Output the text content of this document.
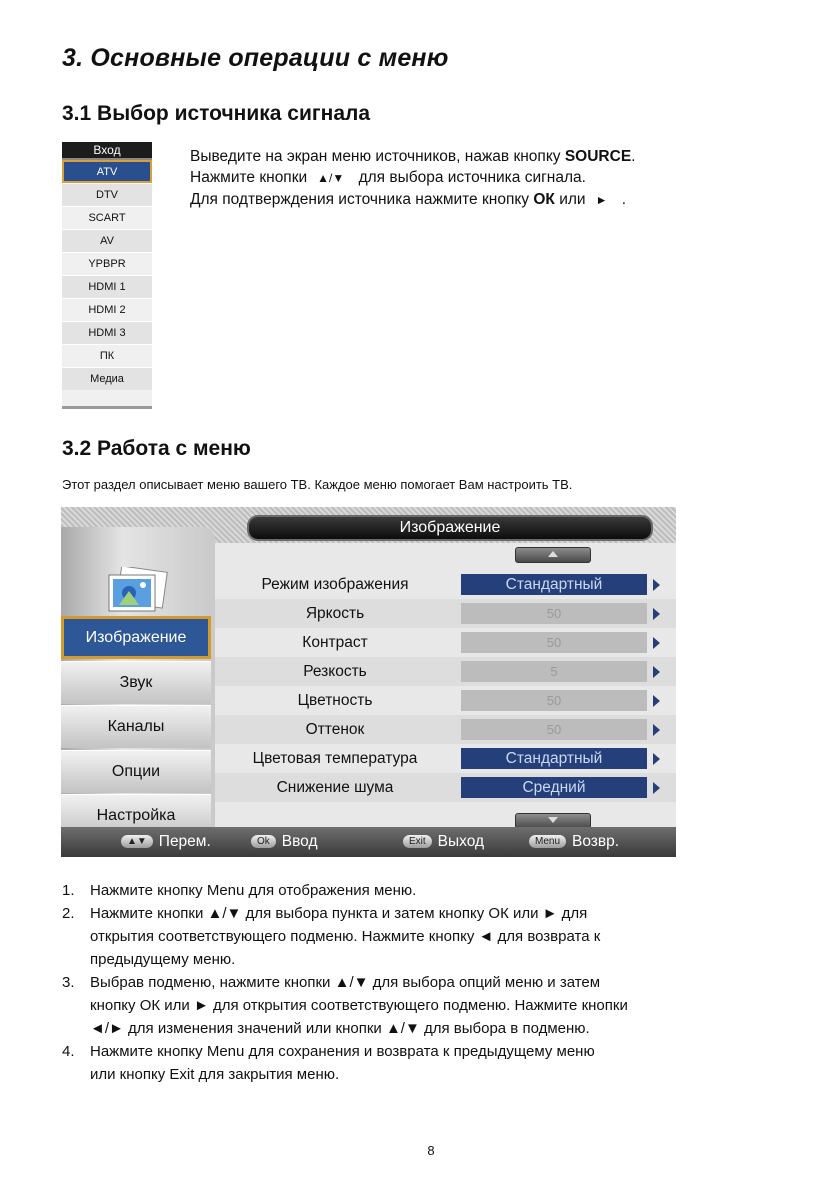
3. Основные операции с меню
3.1 Выбор источника сигнала
Вход
ATV
DTV
SCART
AV
YPBPR
HDMI 1
HDMI 2
HDMI 3
ПК
Медиа

Выведите на экран меню источников, нажав кнопку SOURCE.

Нажмите кнопки ▲/▼ для выбора источника сигнала.

Для подтверждения источника нажмите кнопку ОК или ► .

3.2 Работа с меню

Этот раздел описывает меню вашего ТВ. Каждое меню помогает Вам настроить ТВ.

Изображение
Изображение
Звук
Каналы
Опции
Настройка
Режим изображения	Стандартный
Яркость	50
Контраст	50
Резкость	5
Цветность	50
Оттенок	50
Цветовая температура	Стандартный
Снижение шума	Средний
▲▼ Перем.	Ok Ввод	Exit Выход	Menu Возвр.
1. Нажмите кнопку Menu для отображения меню.
2. Нажмите кнопки ▲/▼ для выбора пункта и затем кнопку ОК или ► для
открытия соответствующего подменю. Нажмите кнопку ◄ для возврата к
предыдущему меню.
3. Выбрав подменю, нажмите кнопки ▲/▼ для выбора опций меню и затем
кнопку ОК или ► для открытия соответствующего подменю. Нажмите кнопки
◄/► для изменения значений или кнопки ▲/▼ для выбора в подменю.
4. Нажмите кнопку Menu для сохранения и возврата к предыдущему меню
или кнопку Exit для закрытия меню.

8
